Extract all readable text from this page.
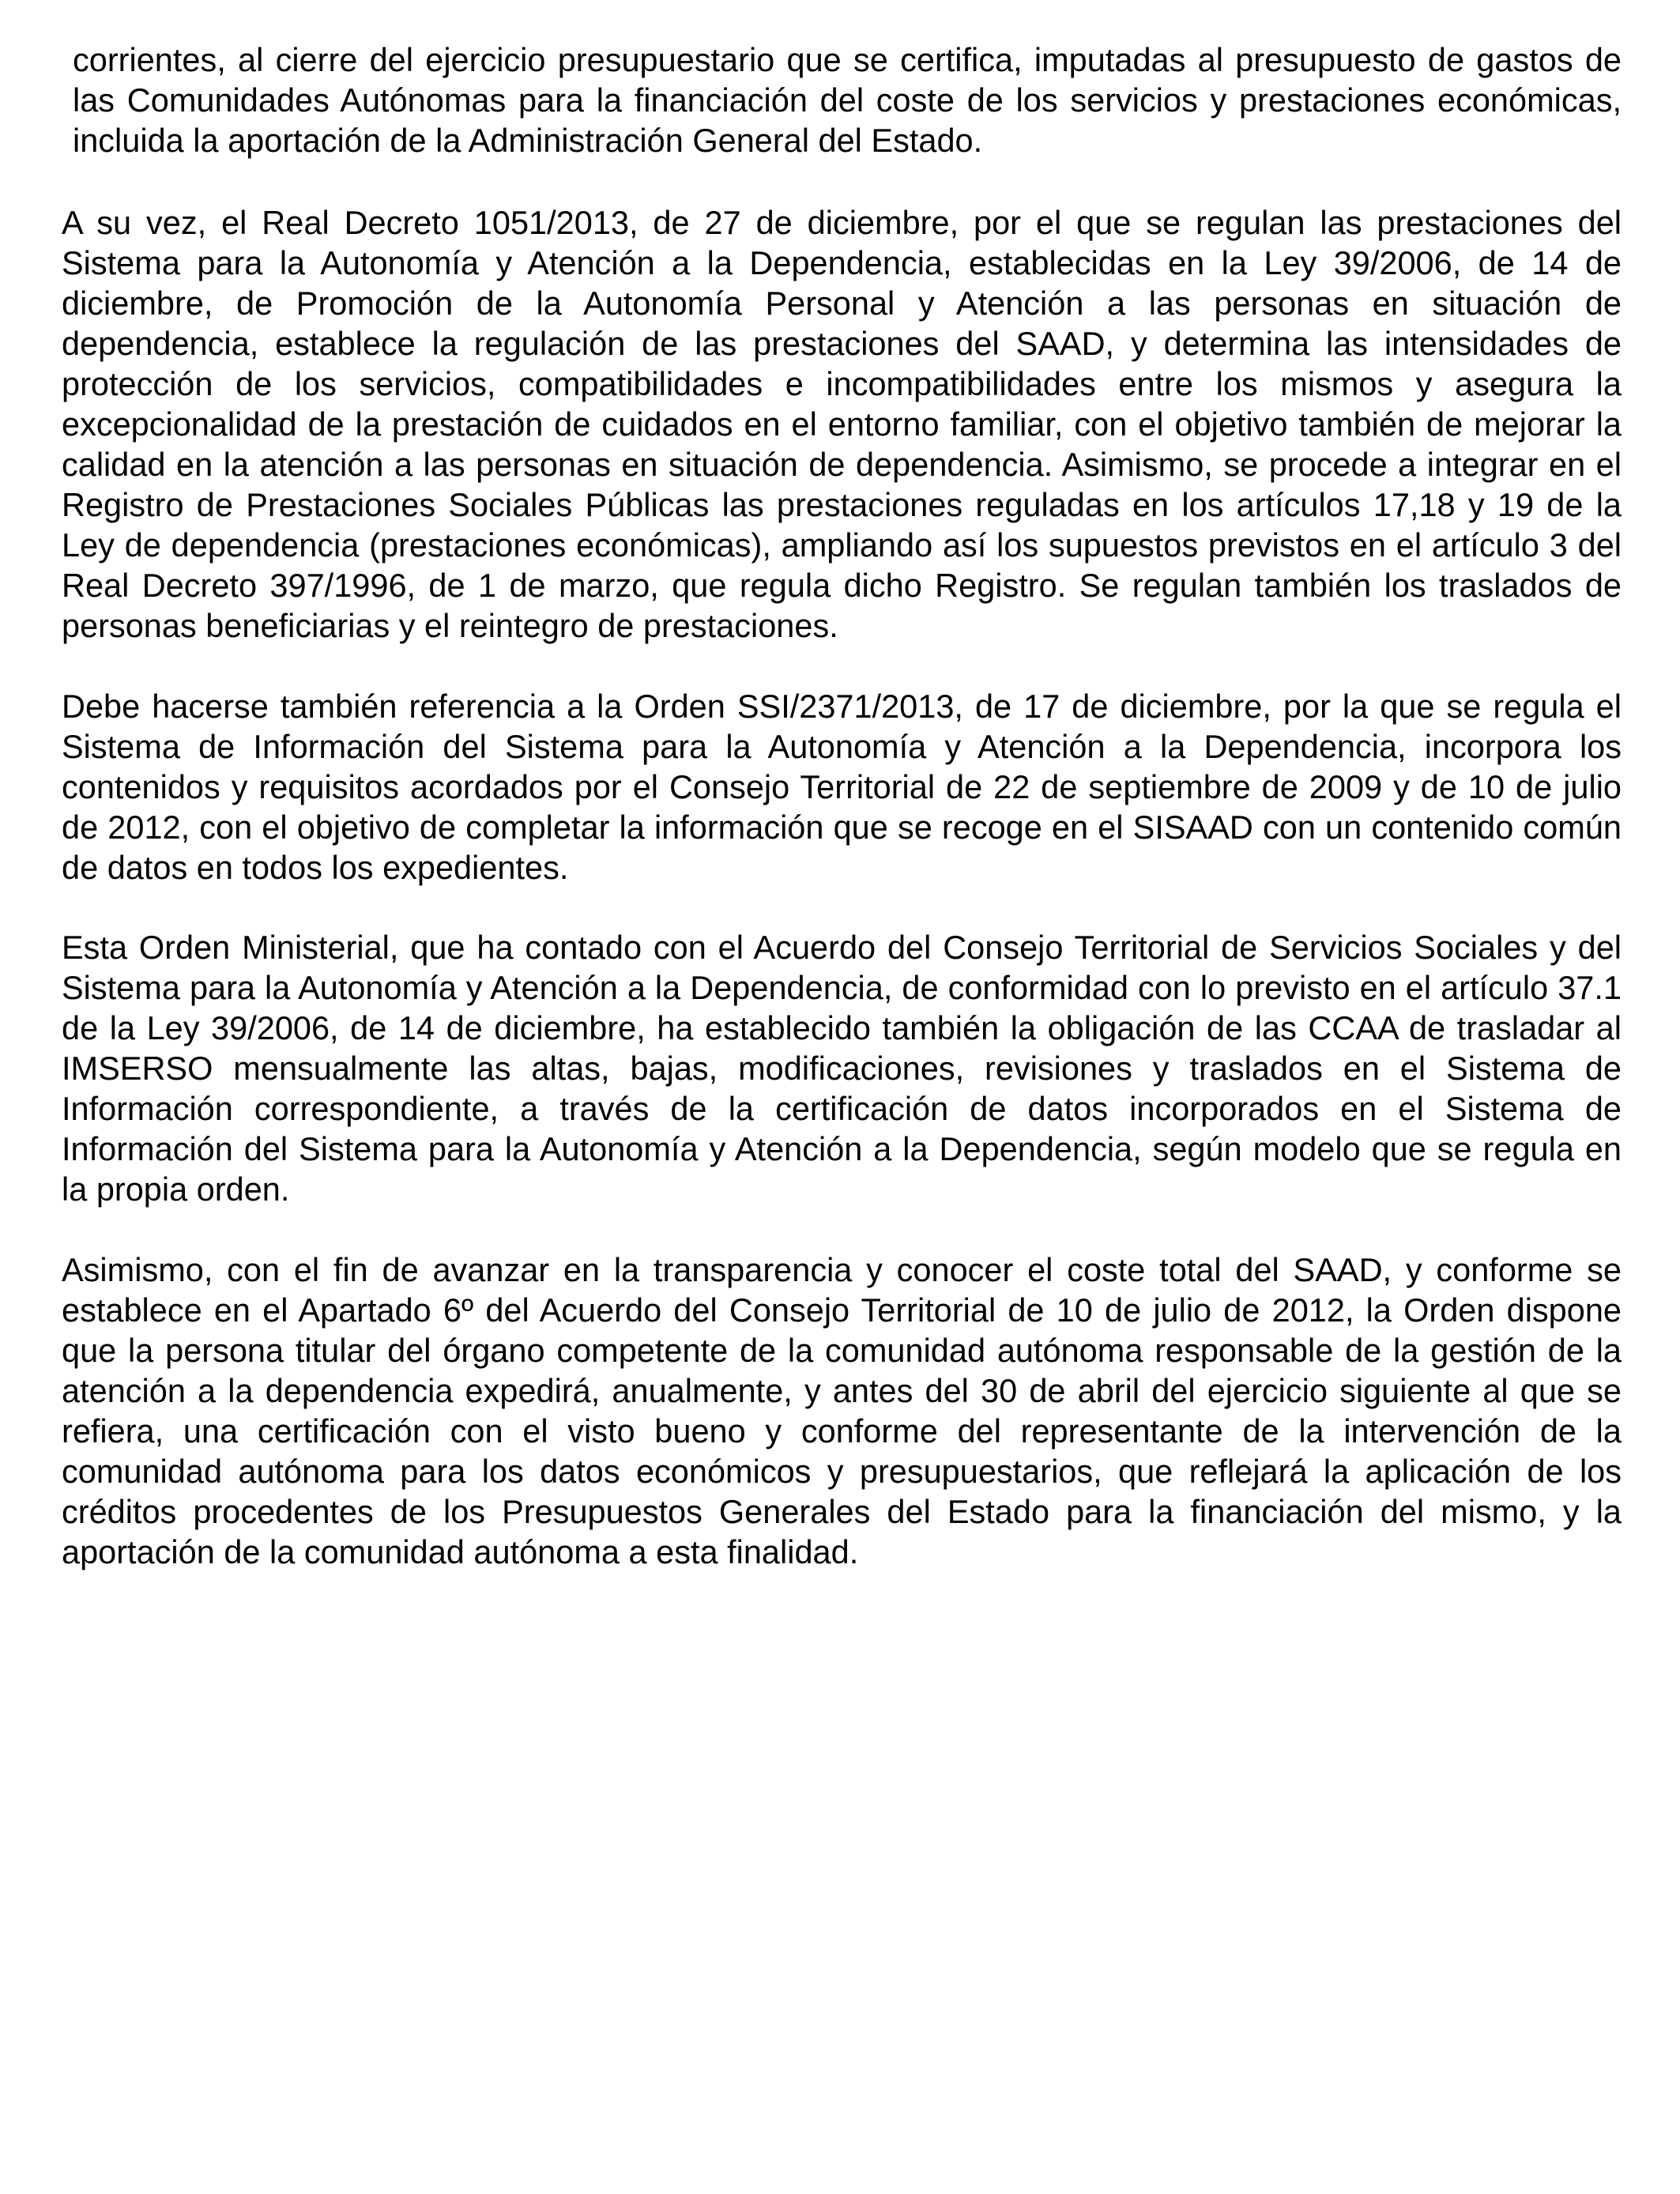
corrientes, al cierre del ejercicio presupuestario que se certifica, imputadas al presupuesto de gastos de las Comunidades Autónomas para la financiación del coste de los servicios y prestaciones económicas, incluida la aportación de la Administración General del Estado.

A su vez, el Real Decreto 1051/2013, de 27 de diciembre, por el que se regulan las prestaciones del Sistema para la Autonomía y Atención a la Dependencia, establecidas en la Ley 39/2006, de 14 de diciembre, de Promoción de la Autonomía Personal y Atención a las personas en situación de dependencia, establece la regulación de las prestaciones del SAAD, y determina las intensidades de protección de los servicios, compatibilidades e incompatibilidades entre los mismos y asegura la excepcionalidad de la prestación de cuidados en el entorno familiar, con el objetivo también de mejorar la calidad en la atención a las personas en situación de dependencia. Asimismo, se procede a integrar en el Registro de Prestaciones Sociales Públicas las prestaciones reguladas en los artículos 17,18 y 19 de la Ley de dependencia (prestaciones económicas), ampliando así los supuestos previstos en el artículo 3 del Real Decreto 397/1996, de 1 de marzo, que regula dicho Registro. Se regulan también los traslados de personas beneficiarias y el reintegro de prestaciones.

Debe hacerse también referencia a la Orden SSI/2371/2013, de 17 de diciembre, por la que se regula el Sistema de Información del Sistema para la Autonomía y Atención a la Dependencia, incorpora los contenidos y requisitos acordados por el Consejo Territorial de 22 de septiembre de 2009 y de 10 de julio de 2012, con el objetivo de completar la información que se recoge en el SISAAD con un contenido común de datos en todos los expedientes.

Esta Orden Ministerial, que ha contado con el Acuerdo del Consejo Territorial de Servicios Sociales y del Sistema para la Autonomía y Atención a la Dependencia, de conformidad con lo previsto en el artículo 37.1 de la Ley 39/2006, de 14 de diciembre, ha establecido también la obligación de las CCAA de trasladar al IMSERSO mensualmente las altas, bajas, modificaciones, revisiones y traslados en el Sistema de Información correspondiente, a través de la certificación de datos incorporados en el Sistema de Información del Sistema para la Autonomía y Atención a la Dependencia, según modelo que se regula en la propia orden.

Asimismo, con el fin de avanzar en la transparencia y conocer el coste total del SAAD, y conforme se establece en el Apartado 6º del Acuerdo del Consejo Territorial de 10 de julio de 2012, la Orden dispone que la persona titular del órgano competente de la comunidad autónoma responsable de la gestión de la atención a la dependencia expedirá, anualmente, y antes del 30 de abril del ejercicio siguiente al que se refiera, una certificación con el visto bueno y conforme del representante de la intervención de la comunidad autónoma para los datos económicos y presupuestarios, que reflejará la aplicación de los créditos procedentes de los Presupuestos Generales del Estado para la financiación del mismo, y la aportación de la comunidad autónoma a esta finalidad.
